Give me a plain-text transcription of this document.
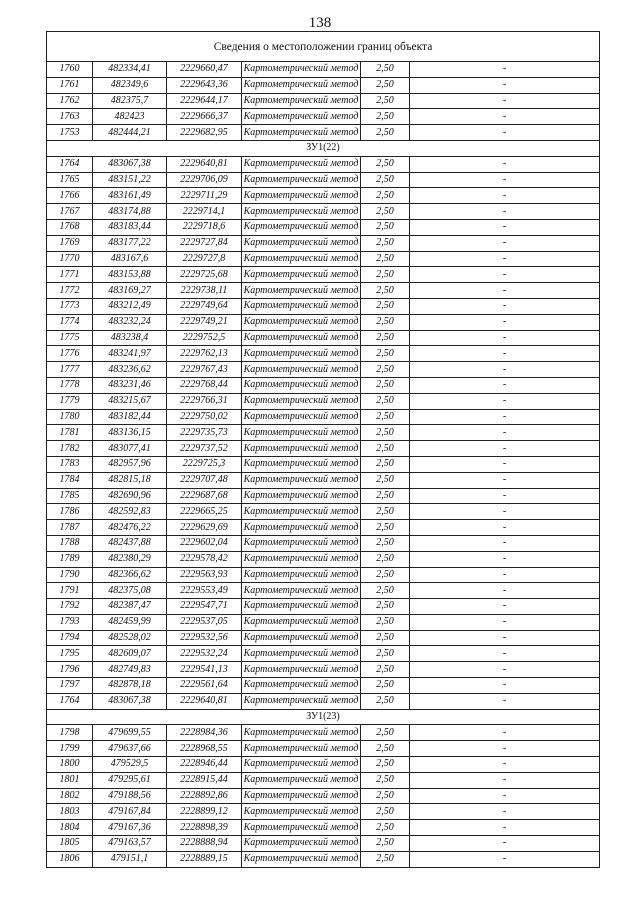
138
Сведения о местоположении границ объекта					
1760	482334,41	2229660,47	Картометрический метод	2,50	-
1761	482349,6	2229643,36	Картометрический метод	2,50	-
1762	482375,7	2229644,17	Картометрический метод	2,50	-
1763	482423	2229666,37	Картометрический метод	2,50	-
1753	482444,21	2229682,95	Картометрический метод	2,50	-
ЗУ1(22)					
1764	483067,38	2229640,81	Картометрический метод	2,50	-
1765	483151,22	2229706,09	Картометрический метод	2,50	-
1766	483161,49	2229711,29	Картометрический метод	2,50	-
1767	483174,88	2229714,1	Картометрический метод	2,50	-
1768	483183,44	2229718,6	Картометрический метод	2,50	-
1769	483177,22	2229727,84	Картометрический метод	2,50	-
1770	483167,6	2229727,8	Картометрический метод	2,50	-
1771	483153,88	2229725,68	Картометрический метод	2,50	-
1772	483169,27	2229738,11	Картометрический метод	2,50	-
1773	483212,49	2229749,64	Картометрический метод	2,50	-
1774	483232,24	2229749,21	Картометрический метод	2,50	-
1775	483238,4	2229752,5	Картометрический метод	2,50	-
1776	483241,97	2229762,13	Картометрический метод	2,50	-
1777	483236,62	2229767,43	Картометрический метод	2,50	-
1778	483231,46	2229768,44	Картометрический метод	2,50	-
1779	483215,67	2229766,31	Картометрический метод	2,50	-
1780	483182,44	2229750,02	Картометрический метод	2,50	-
1781	483136,15	2229735,73	Картометрический метод	2,50	-
1782	483077,41	2229737,52	Картометрический метод	2,50	-
1783	482957,96	2229725,3	Картометрический метод	2,50	-
1784	482815,18	2229707,48	Картометрический метод	2,50	-
1785	482690,96	2229687,68	Картометрический метод	2,50	-
1786	482592,83	2229665,25	Картометрический метод	2,50	-
1787	482476,22	2229629,69	Картометрический метод	2,50	-
1788	482437,88	2229602,04	Картометрический метод	2,50	-
1789	482380,29	2229578,42	Картометрический метод	2,50	-
1790	482366,62	2229563,93	Картометрический метод	2,50	-
1791	482375,08	2229553,49	Картометрический метод	2,50	-
1792	482387,47	2229547,71	Картометрический метод	2,50	-
1793	482459,99	2229537,05	Картометрический метод	2,50	-
1794	482528,02	2229532,56	Картометрический метод	2,50	-
1795	482609,07	2229532,24	Картометрический метод	2,50	-
1796	482749,83	2229541,13	Картометрический метод	2,50	-
1797	482878,18	2229561,64	Картометрический метод	2,50	-
1764	483067,38	2229640,81	Картометрический метод	2,50	-
ЗУ1(23)					
1798	479699,55	2228984,36	Картометрический метод	2,50	-
1799	479637,66	2228968,55	Картометрический метод	2,50	-
1800	479529,5	2228946,44	Картометрический метод	2,50	-
1801	479295,61	2228915,44	Картометрический метод	2,50	-
1802	479188,56	2228892,86	Картометрический метод	2,50	-
1803	479167,84	2228899,12	Картометрический метод	2,50	-
1804	479167,36	2228898,39	Картометрический метод	2,50	-
1805	479163,57	2228888,94	Картометрический метод	2,50	-
1806	479151,1	2228889,15	Картометрический метод	2,50	-
